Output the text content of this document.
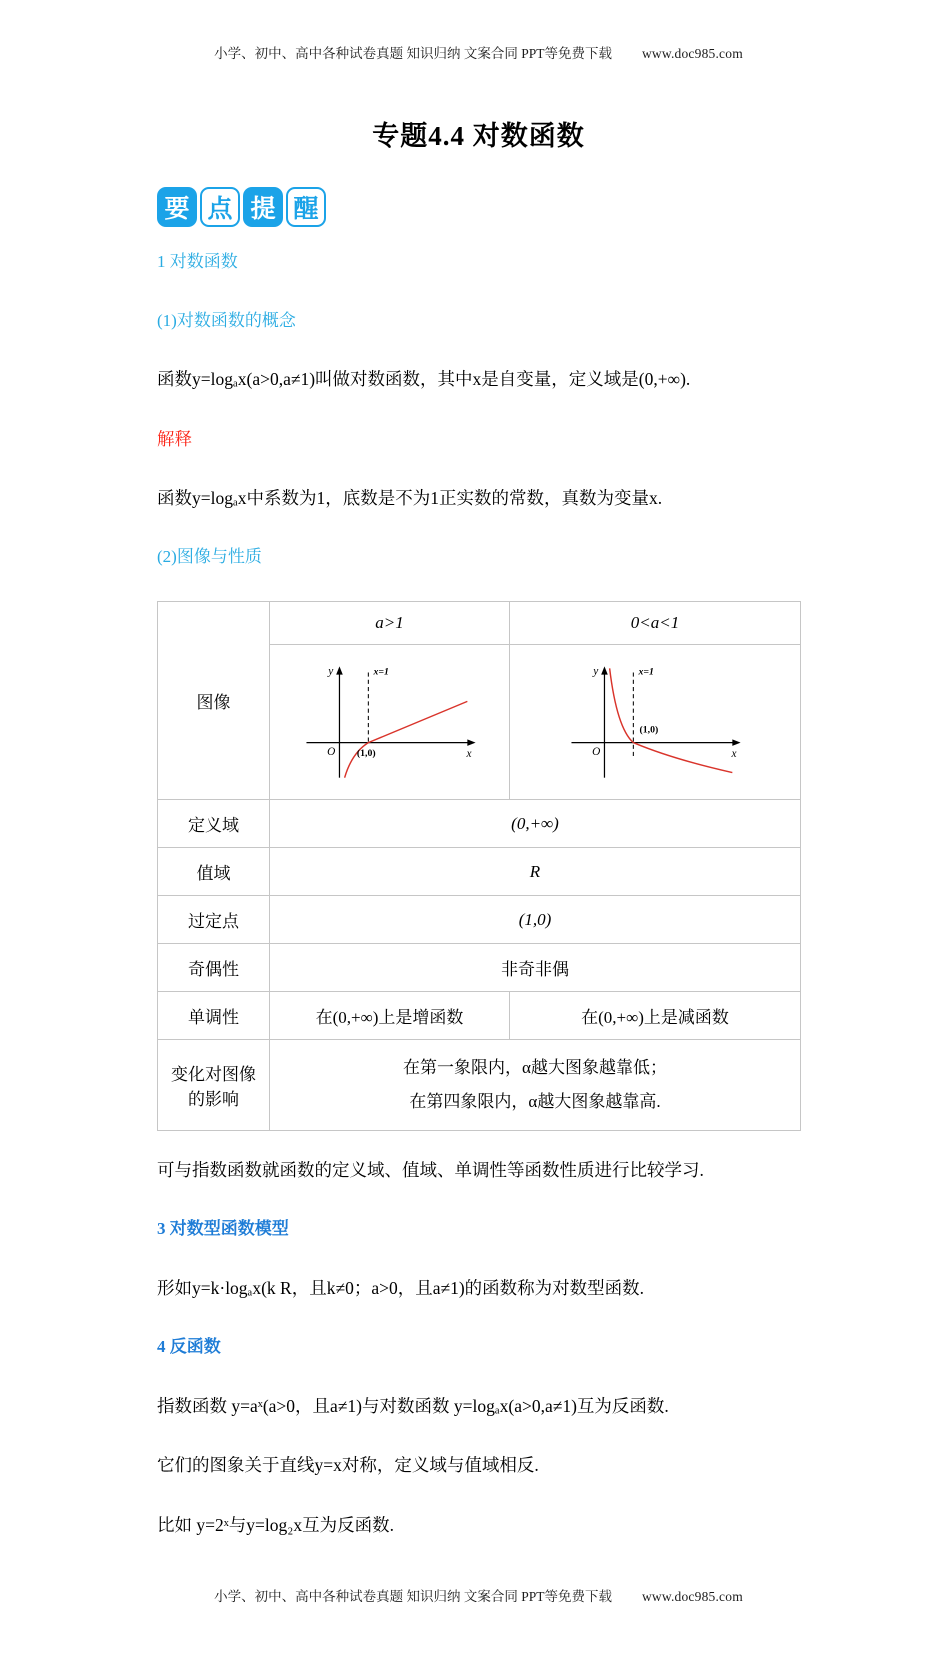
小学、初中、高中各种试卷真题 知识归纳 文案合同 PPT等免费下载 www.doc985.com
专题4.4 对数函数
要 点 提 醒

1 对数函数

(1)对数函数的概念

函数y=logₐx(a>0,a≠1)叫做对数函数，其中x是自变量，定义域是(0,+∞).

解释

函数y=logₐx中系数为1，底数是不为1正实数的常数，真数为变量x.

(2)图像与性质

图像	a>1	0<a<1

y
x
O
x=1
(1,0)	y
x
O
x=1
(1,0)

定义域	(0,+∞)	
值域	R	
过定点	(1,0)	
奇偶性	非奇非偶	
单调性	在(0,+∞)上是增函数	在(0,+∞)上是减函数
变化对图像的影响	在第一象限内，α越大图象越靠低；
在第四象限内，α越大图象越靠高.	

可与指数函数就函数的定义域、值域、单调性等函数性质进行比较学习.

3 对数型函数模型

形如y=k·logₐx(k R，且k≠0；a>0，且a≠1)的函数称为对数型函数.

4 反函数

指数函数 y=aˣ(a>0，且a≠1)与对数函数 y=logₐx(a>0,a≠1)互为反函数.

它们的图象关于直线y=x对称，定义域与值域相反.

比如 y=2ˣ与y=log₂x互为反函数.

小学、初中、高中各种试卷真题 知识归纳 文案合同 PPT等免费下载 www.doc985.com
